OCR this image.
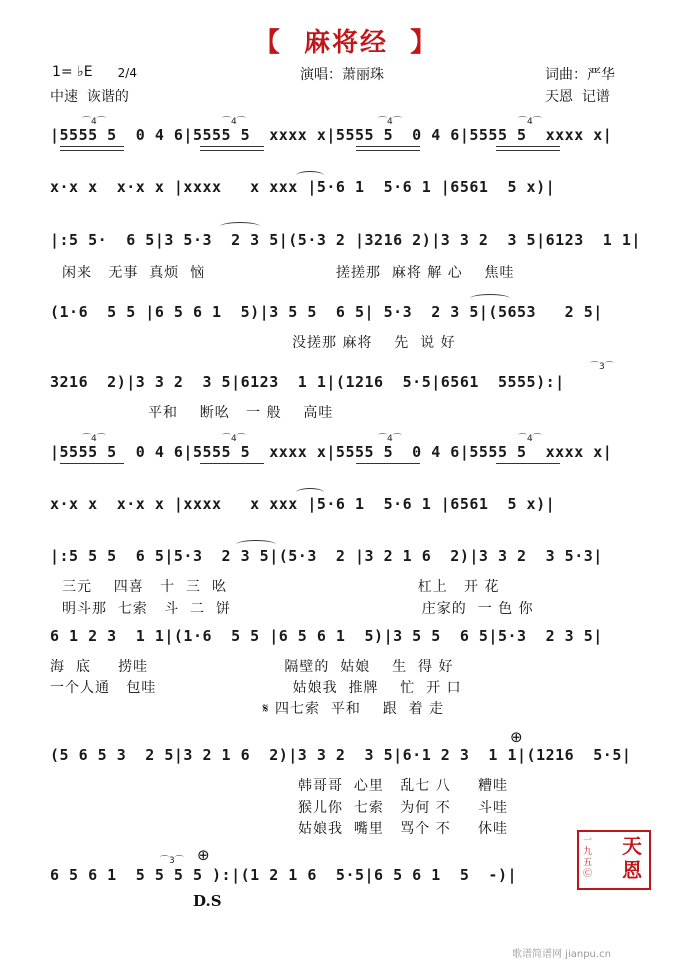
【  麻将经  】
1= ♭E	2/4	演唱：萧丽珠	词曲：严华
中速  诙谐的	天恩  记谱
|5555 5  0 4 6|5555 5  xxxx x|5555 5  0 4 6|5555 5  xxxx x|
x·x x  x·x x |xxxx   x xxx |5·6 1  5·6 1 |6561  5 x)|
|:5 5·  6 5|3 5·3  2 3 5|(5·3 2 |3216 2)|3 3 2  3 5|6123  1 1|
闲来   无事  真烦  恼                        搓搓那  麻将 解 心    焦哇
(1·6  5 5 |6 5 6 1  5)|3 5 5  6 5| 5·3  2 3 5|(5653   2 5|
没搓那 麻将    先  说 好
3216  2)|3 3 2  3 5|6123  1 1|(1216  5·5|6561  5555):|
平和    断吆   一 般    高哇
|5555 5  0 4 6|5555 5  xxxx x|5555 5  0 4 6|5555 5  xxxx x|
x·x x  x·x x |xxxx   x xxx |5·6 1  5·6 1 |6561  5 x)|
|:5 5 5  6 5|5·3  2 3 5|(5·3  2 |3 2 1 6  2)|3 3 2  3 5·3|
三元    四喜   十  三  吆                                   杠上   开 花
明斗那  七索   斗  二  饼                                   庄家的  一 色 你
6 1 2 3  1 1|(1·6  5 5 |6 5 6 1  5)|3 5 5  6 5|5·3  2 3 5|
海  底     捞哇                         隔壁的  姑娘    生  得 好
一个人通   包哇                         姑娘我  推牌    忙  开 口
𝄋 四七索  平和    跟  着 走
(5 6 5 3  2 5|3 2 1 6  2)|3 3 2  3 5|6·1 2 3  1 1|(1216  5·5|
韩哥哥  心里   乱七 八     糟哇
猴儿你  七索   为何 不     斗哇
姑娘我  嘴里   骂个 不     休哇
6 5 6 1  5 5 5 5 ):|(1 2 1 6  5·5|6 5 6 1  5  -)|
⌒4⌒	⌒4⌒	⌒4⌒	⌒4⌒
⌒4⌒	⌒4⌒	⌒4⌒	⌒4⌒
⌒3⌒
⌒3⌒
D.S
⊕
⊕
一九五Ⓒ
天 恩
歌谱简谱网 jianpu.cn
